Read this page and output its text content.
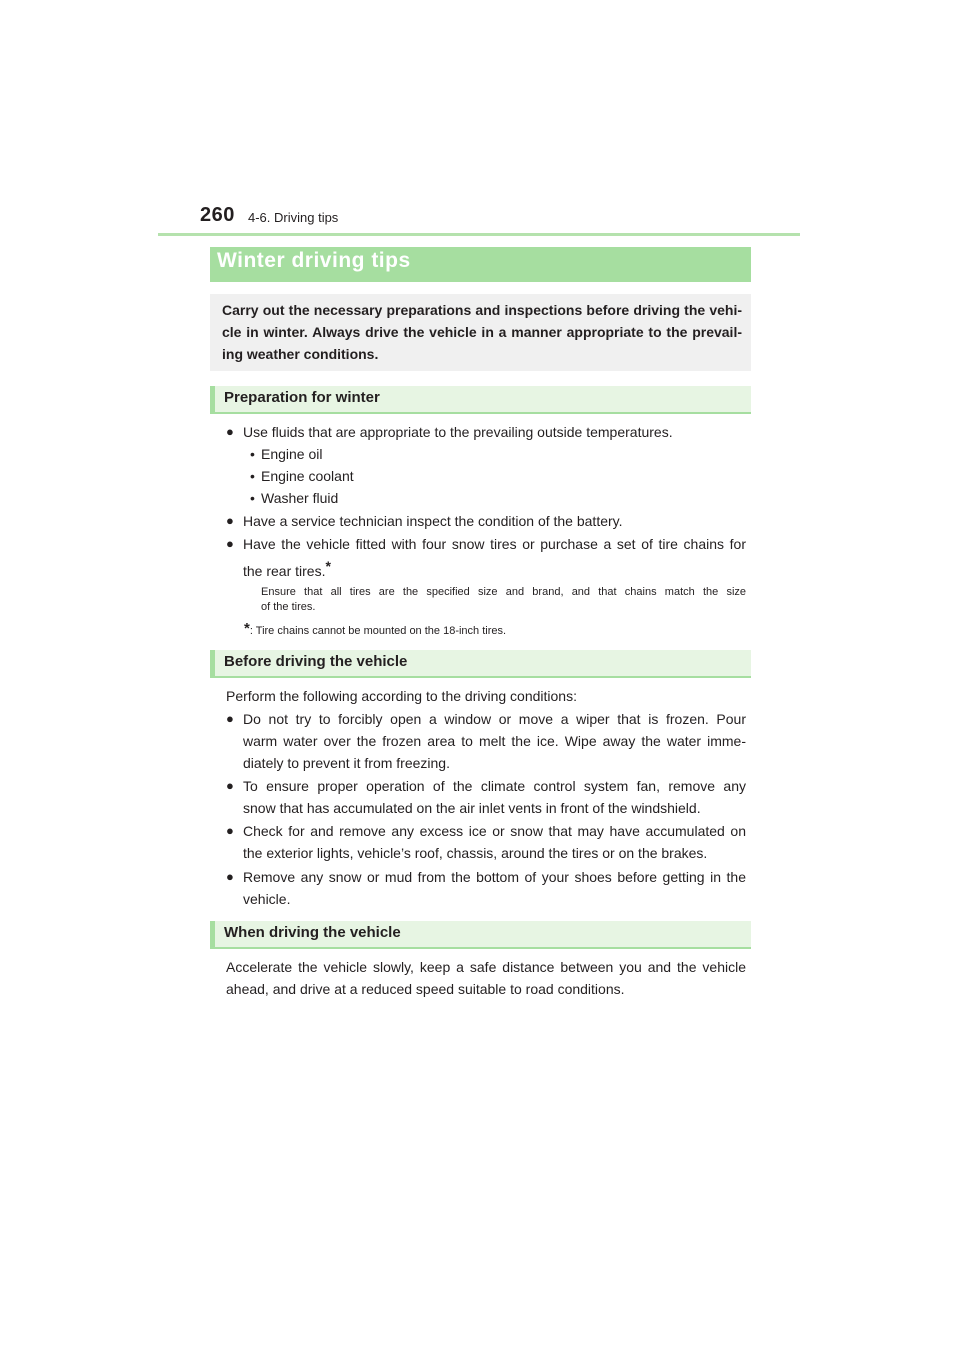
260 4-6. Driving tips
Winter driving tips
Carry out the necessary preparations and inspections before driving the vehi-
cle in winter. Always drive the vehicle in a manner appropriate to the prevail-
ing weather conditions.
Preparation for winter
● Use fluids that are appropriate to the prevailing outside temperatures.
• Engine oil
• Engine coolant
• Washer fluid
● Have a service technician inspect the condition of the battery.
● Have the vehicle fitted with four snow tires or purchase a set of tire chains for
the rear tires.*
Ensure that all tires are the specified size and brand, and that chains match the size
of the tires.
*: Tire chains cannot be mounted on the 18-inch tires.
Before driving the vehicle
Perform the following according to the driving conditions:
● Do not try to forcibly open a window or move a wiper that is frozen. Pour
warm water over the frozen area to melt the ice. Wipe away the water imme-
diately to prevent it from freezing.
● To ensure proper operation of the climate control system fan, remove any
snow that has accumulated on the air inlet vents in front of the windshield.
● Check for and remove any excess ice or snow that may have accumulated on
the exterior lights, vehicle’s roof, chassis, around the tires or on the brakes.
● Remove any snow or mud from the bottom of your shoes before getting in the
vehicle.
When driving the vehicle
Accelerate the vehicle slowly, keep a safe distance between you and the vehicle
ahead, and drive at a reduced speed suitable to road conditions.
